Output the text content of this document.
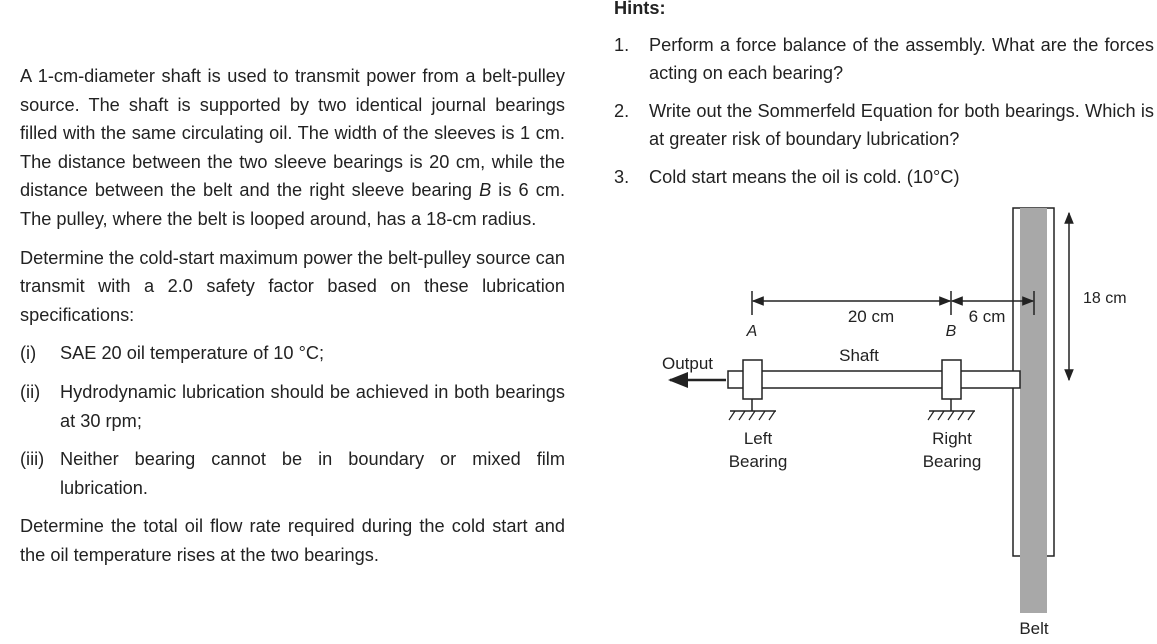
A 1-cm-diameter shaft is used to transmit power from a belt-pulley source. The shaft is supported by two identical journal bearings filled with the same circulating oil. The width of the sleeves is 1 cm. The distance between the two sleeve bearings is 20 cm, while the distance between the belt and the right sleeve bearing B is 6 cm. The pulley, where the belt is looped around, has a 18-cm radius.

Determine the cold-start maximum power the belt-pulley source can transmit with a 2.0 safety factor based on these lubrication specifications:

(i)	SAE 20 oil temperature of 10 °C;
(ii)	Hydrodynamic lubrication should be achieved in both bearings at 30 rpm;
(iii) Neither bearing cannot be in boundary or mixed film lubrication.

Determine the total oil flow rate required during the cold start and the oil temperature rises at the two bearings.

Hints:
1.	Perform a force balance of the assembly. What are the forces acting on each bearing?
2.	Write out the Sommerfeld Equation for both bearings. Which is at greater risk of boundary lubrication?
3.	Cold start means the oil is cold. (10°C)
Belt
18 cm
Shaft
Output
Left
Bearing
Right
Bearing
20 cm	6 cm
A	B
